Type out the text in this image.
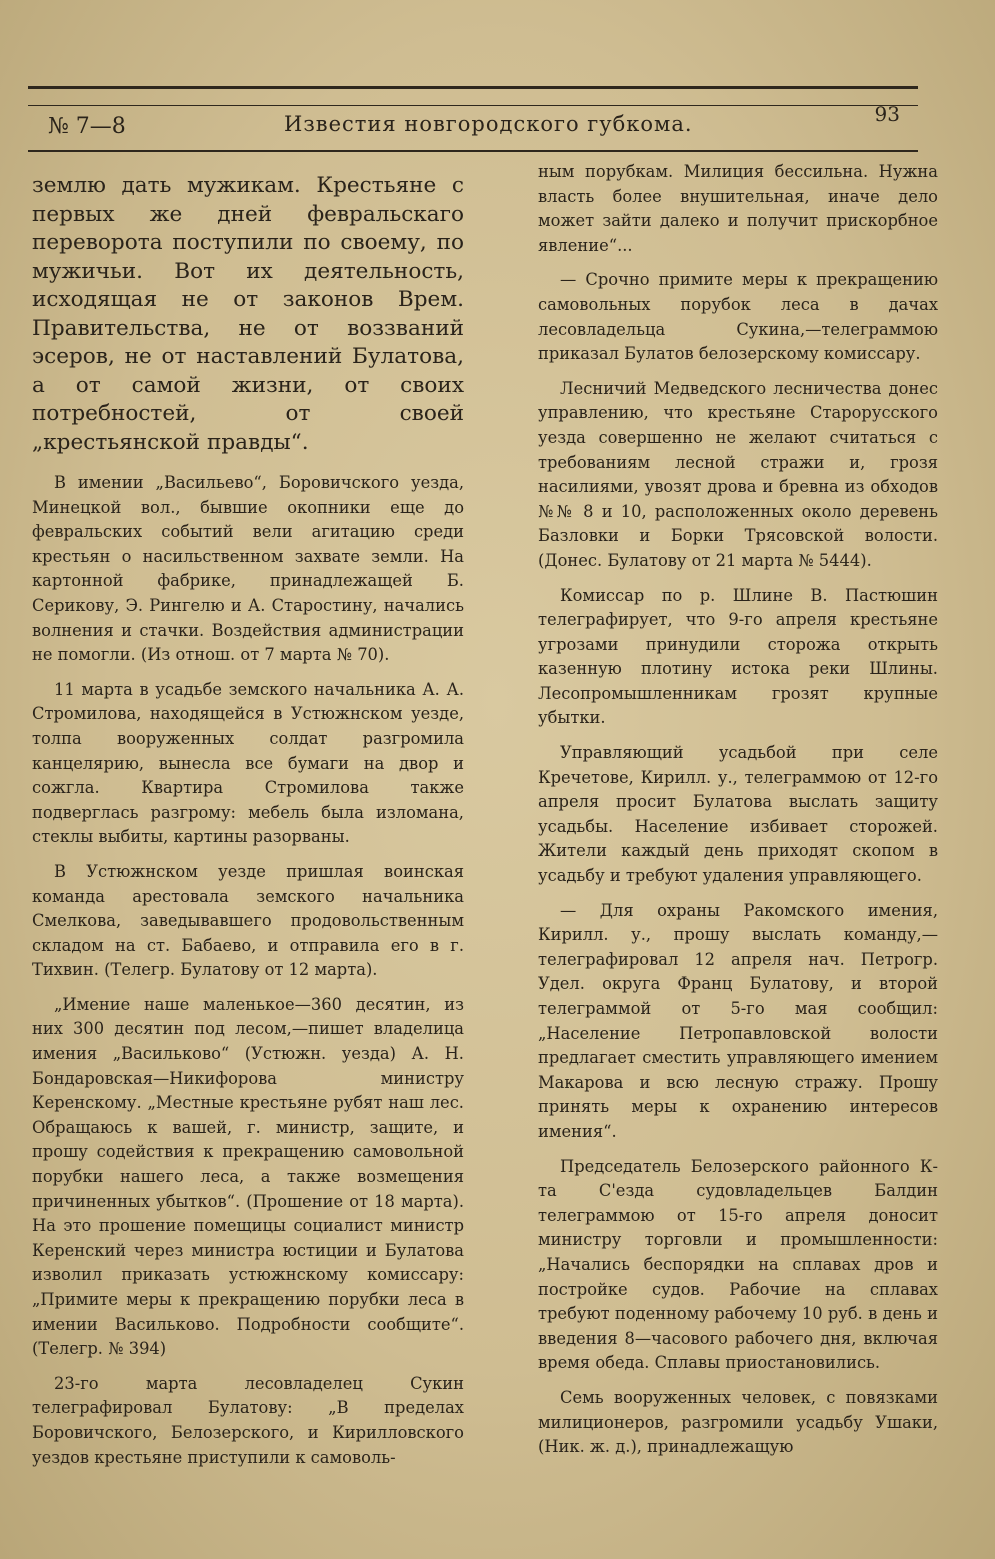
№ 7—8	Известия новгородского губкома.	93

землю дать мужикам. Крестьяне с первых же дней февральскаго переворота поступили по своему, по мужичьи. Вот их деятельность, исходящая не от законов Врем. Правительства, не от воззваний эсеров, не от наставлений Булатова, а от самой жизни, от своих потребностей, от своей „крестьянской правды“.

В имении „Васильево“, Боровичского уезда, Минецкой вол., бывшие окопники еще до февральских событий вели агитацию среди крестьян о насильственном захвате земли. На картонной фабрике, принадлежащей Б. Серикову, Э. Рингелю и А. Старостину, начались волнения и стачки. Воздействия администрации не помогли. (Из отнош. от 7 марта № 70).

11 марта в усадьбе земского начальника А. А. Стромилова, находящейся в Устюжнском уезде, толпа вооруженных солдат разгромила канцелярию, вынесла все бумаги на двор и сожгла. Квартира Стромилова также подверглась разгрому: мебель была изломана, стеклы выбиты, картины разорваны.

В Устюжнском уезде пришлая воинская команда арестовала земского начальника Смелкова, заведывавшего продовольственным складом на ст. Бабаево, и отправила его в г. Тихвин. (Телегр. Булатову от 12 марта).

„Имение наше маленькое—360 десятин, из них 300 десятин под лесом,—пишет владелица имения „Василькoво“ (Устюжн. уезда) А. Н. Бондаровская—Никифорова министру Керенскому. „Местные крестьяне рубят наш лес. Обращаюсь к вашей, г. министр, защите, и прошу содействия к прекращению самовольной порубки нашего леса, а также возмещения причиненных убытков“. (Прошение от 18 марта). На это прошение помещицы социалист министр Керенский через министра юстиции и Булатова изволил приказать устюжнскому комиссару: „Примите меры к прекращению порубки леса в имении Василькoво. Подробности сообщите“. (Телегр. № 394)

23-го марта лесовладелец Сукин телеграфировал Булатову: „В пределах Боровичского, Белозерского, и Кирилловского уездов крестьяне приступили к самоволь-

ным порубкам. Милиция бессильна. Нужна власть более внушительная, иначе дело может зайти далеко и получит прискорбное явление“...

— Срочно примите меры к прекращению самовольных порубок леса в дачах лесовладельца Сукина,—телеграммою приказал Булатов белозерскому комиссару.

Лесничий Медведского лесничества донес управлению, что крестьяне Старорусского уезда совершенно не желают считаться с требованиям лесной стражи и, грозя насилиями, увозят дрова и бревна из обходов №№ 8 и 10, расположенных около деревень Базловки и Борки Трясовской волости. (Донес. Булатову от 21 марта № 5444).

Комиссар по р. Шлине В. Пастюшин телеграфирует, что 9-го апреля крестьяне угрозами принудили сторожа открыть казенную плотину истока реки Шлины. Лесопромышленникам грозят крупные убытки.

Управляющий усадьбой при селе Кречетове, Кирилл. у., телеграммою от 12-го апреля просит Булатова выслать защиту усадьбы. Население избивает сторожей. Жители каждый день приходят скопом в усадьбу и требуют удаления управляющего.

— Для охраны Ракомского имения, Кирилл. у., прошу выслать команду,—телеграфировал 12 апреля нач. Петрогр. Удел. округа Франц Булатову, и второй телеграммой от 5-го мая сообщил: „Население Петропавловской волости предлагает сместить управляющего имением Макарова и всю лесную стражу. Прошу принять меры к охранению интересов имения“.

Председатель Белозерского районного К-та С'езда судовладельцев Балдин телеграммою от 15-го апреля доносит министру торговли и промышленности: „Начались беспорядки на сплавах дров и постройке судов. Рабочие на сплавах требуют поденному рабочему 10 руб. в день и введения 8—часового рабочего дня, включая время обеда. Сплавы приостановились.

Семь вооруженных человек, с повязками милиционеров, разгромили усадьбу Ушаки, (Ник. ж. д.), принадлежащую
